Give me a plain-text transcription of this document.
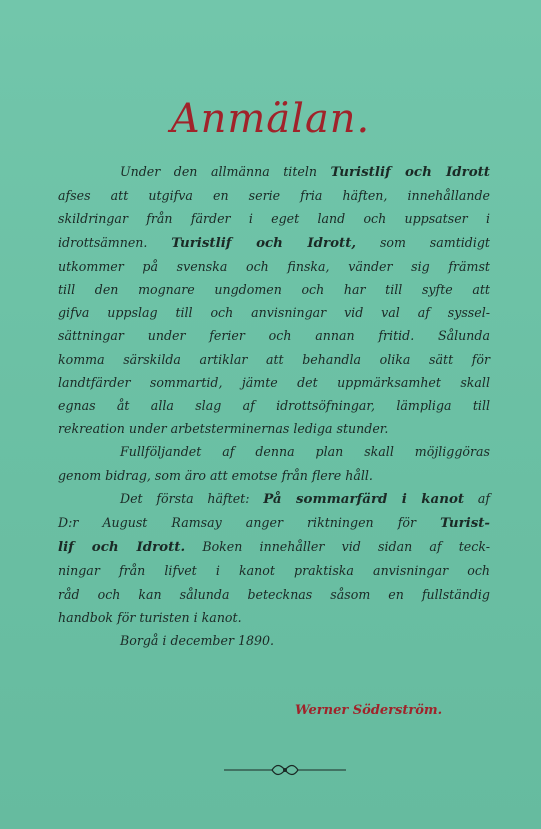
Anmälan.
Under den allmänna titeln Turistlif och Idrott
afses att utgifva en serie fria häften, innehållande
skildringar från färder i eget land och uppsatser i
idrottsämnen. Turistlif och Idrott, som samtidigt
utkommer på svenska och finska, vänder sig främst
till den mognare ungdomen och har till syfte att
gifva uppslag till och anvisningar vid val af syssel-
sättningar under ferier och annan fritid. Sålunda
komma särskilda artiklar att behandla olika sätt för
landtfärder sommartid, jämte det uppmärksamhet skall
egnas åt alla slag af idrottsöfningar, lämpliga till
rekreation under arbetsterminernas lediga stunder.
Fullföljandet af denna plan skall möjliggöras
genom bidrag, som äro att emotse från flere håll.
Det första häftet: På sommarfärd i kanot af
D:r August Ramsay anger riktningen för Turist-
lif och Idrott. Boken innehåller vid sidan af teck-
ningar från lifvet i kanot praktiska anvisningar och
råd och kan sålunda betecknas såsom en fullständig
handbok för turisten i kanot.
Borgå i december 1890.
Werner Söderström.
